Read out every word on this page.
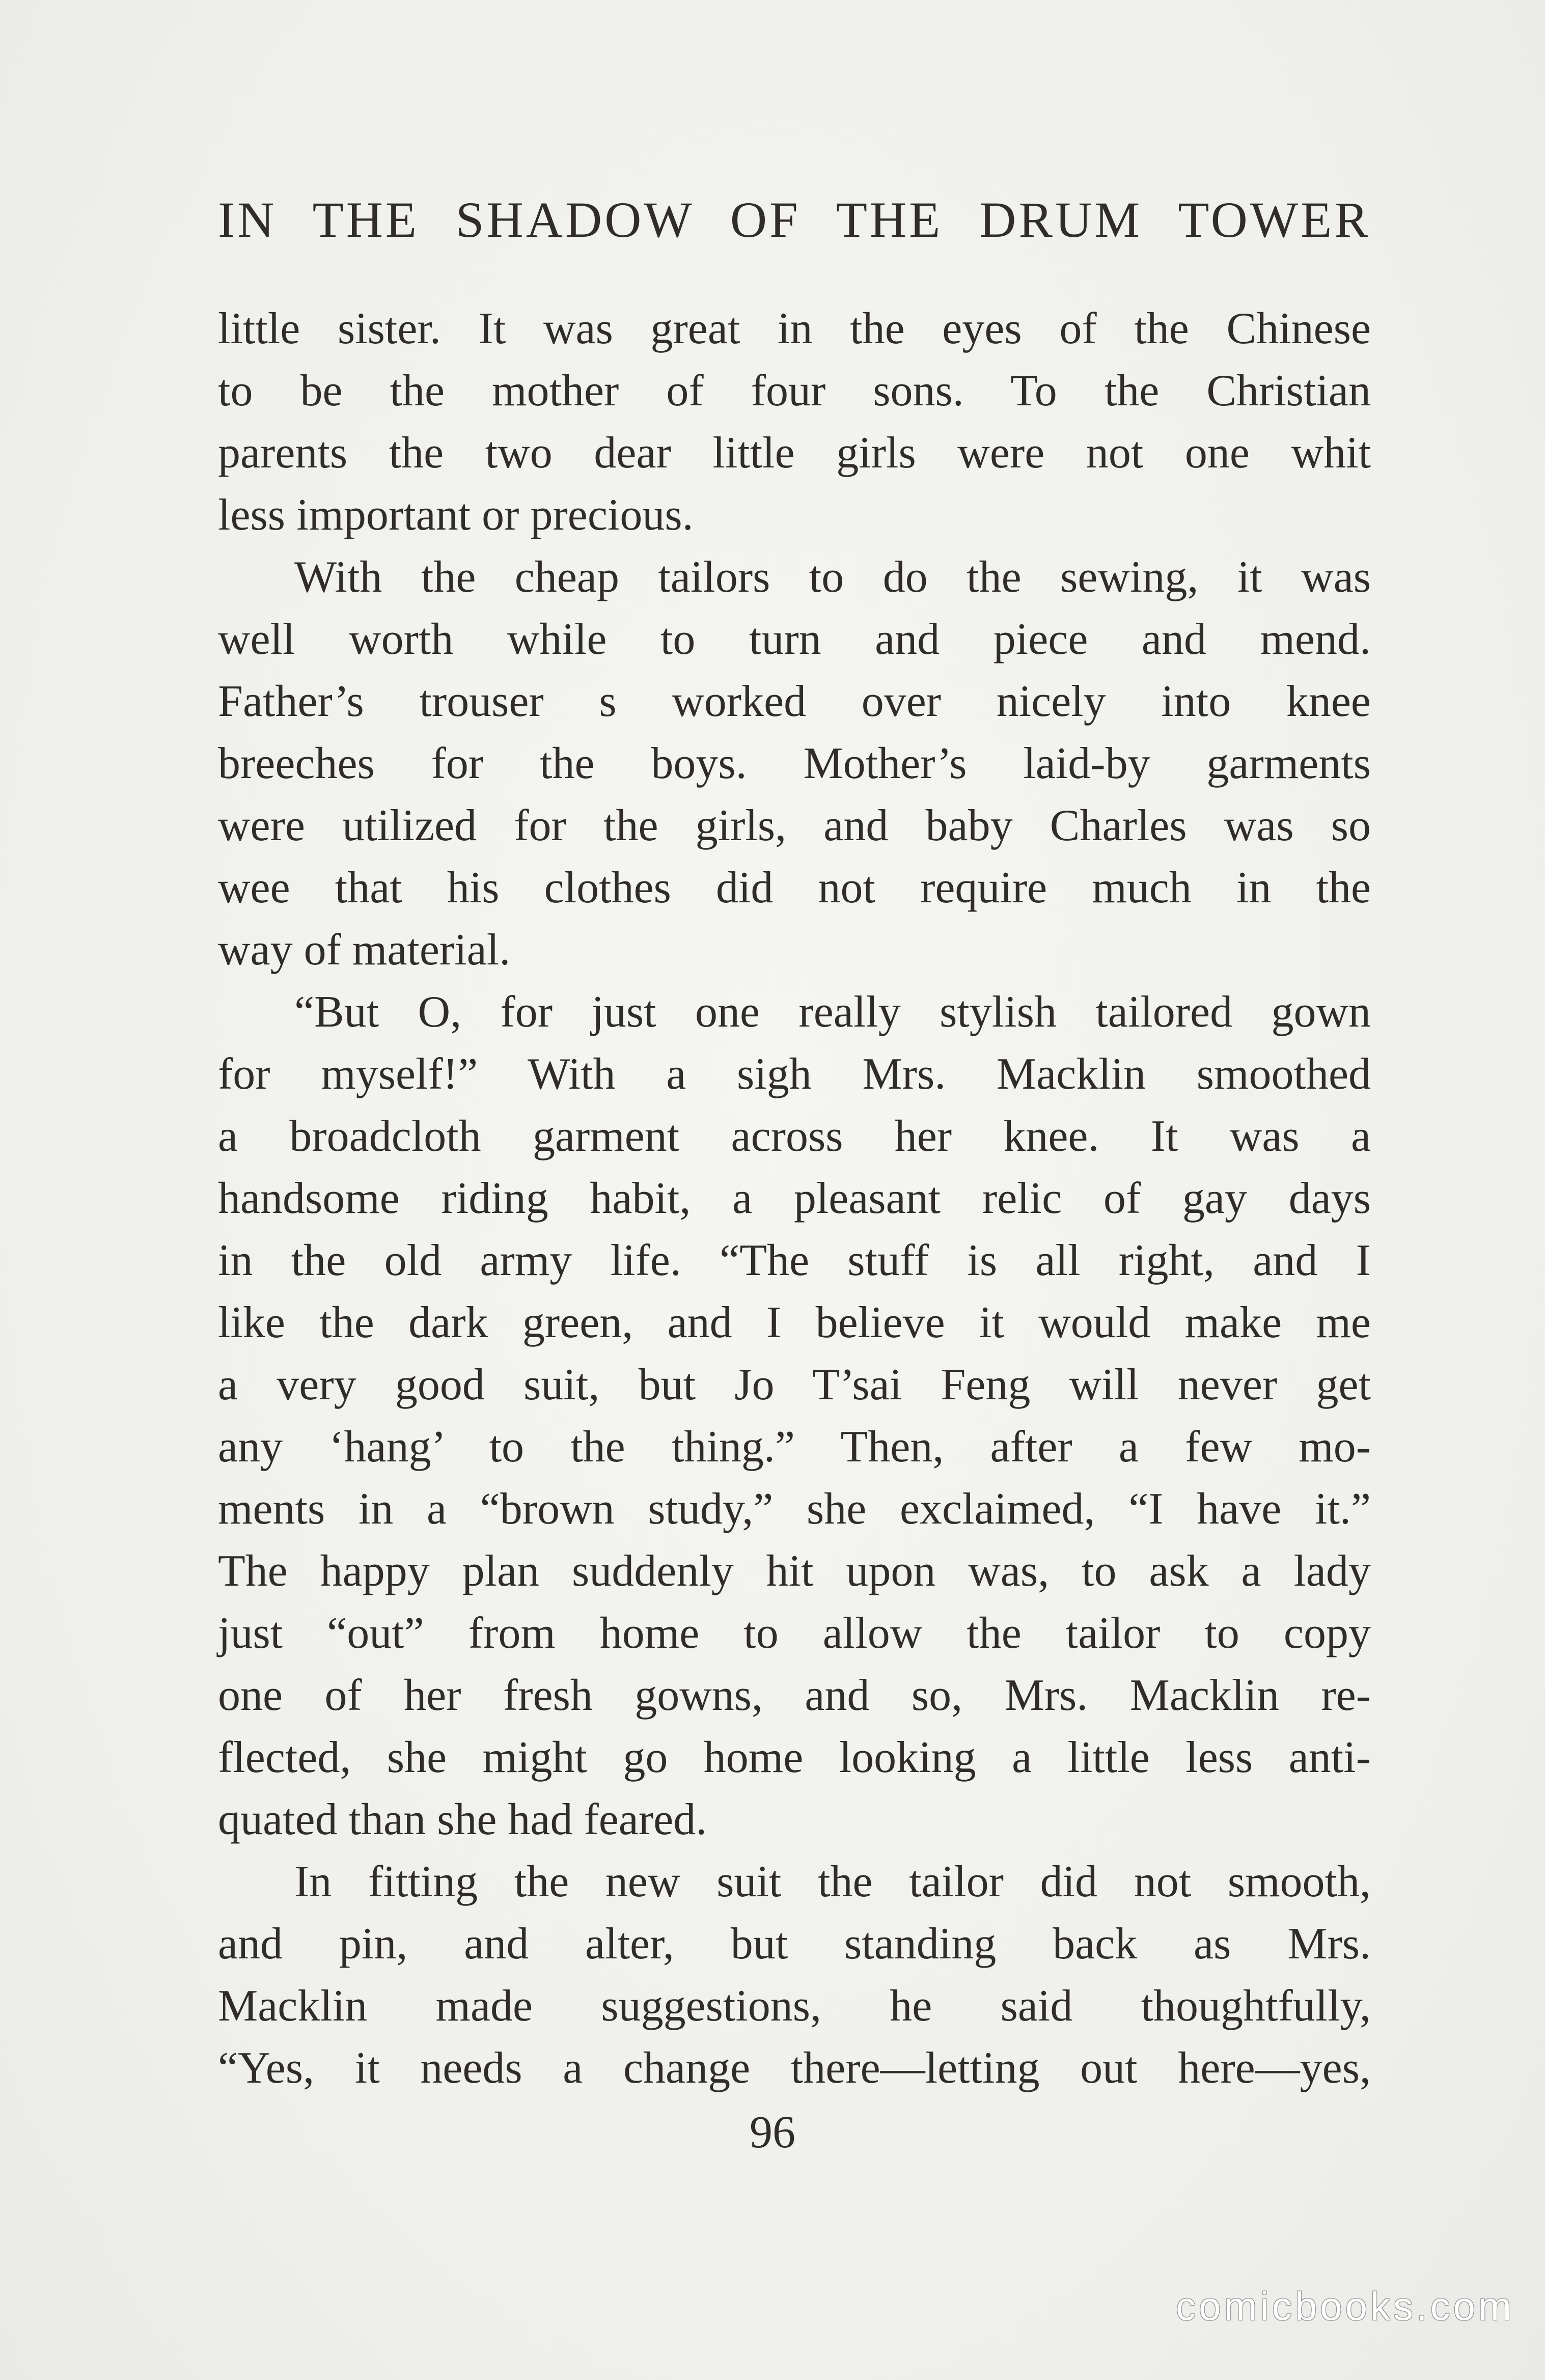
IN THE SHADOW OF THE DRUM TOWER
little sister. It was great in the eyes of the Chinese
to be the mother of four sons. To the Christian
parents the two dear little girls were not one whit
less important or precious.
With the cheap tailors to do the sewing, it was
well worth while to turn and piece and mend.
Father’s trouser s worked over nicely into knee
breeches for the boys. Mother’s laid-by garments
were utilized for the girls, and baby Charles was so
wee that his clothes did not require much in the
way of material.
“But O, for just one really stylish tailored gown
for myself!” With a sigh Mrs. Macklin smoothed
a broadcloth garment across her knee. It was a
handsome riding habit, a pleasant relic of gay days
in the old army life. “The stuff is all right, and I
like the dark green, and I believe it would make me
a very good suit, but Jo T’sai Feng will never get
any ‘hang’ to the thing.” Then, after a few mo-
ments in a “brown study,” she exclaimed, “I have it.”
The happy plan suddenly hit upon was, to ask a lady
just “out” from home to allow the tailor to copy
one of her fresh gowns, and so, Mrs. Macklin re-
flected, she might go home looking a little less anti-
quated than she had feared.
In fitting the new suit the tailor did not smooth,
and pin, and alter, but standing back as Mrs.
Macklin made suggestions, he said thoughtfully,
“Yes, it needs a change there—letting out here—yes,
96
comicbooks.com
